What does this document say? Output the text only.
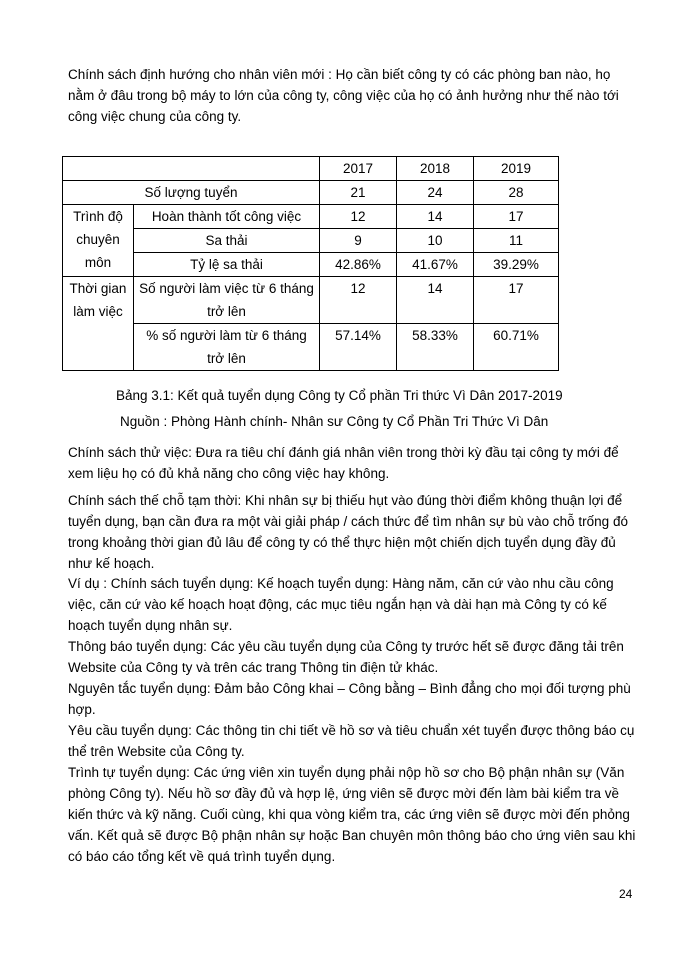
Chính sách định hướng cho nhân viên mới : Họ cần biết công ty có các phòng ban nào, họ nằm ở đâu trong bộ máy to lớn của công ty, công việc của họ có ảnh hưởng như thế nào tới công việc chung của công ty.

		2017	2018	2019
Số lượng tuyển		21	24	28
Trình độ chuyên môn	Hoàn thành tốt công việc	12	14	17
	Sa thải	9	10	11
	Tỷ lệ sa thải	42.86%	41.67%	39.29%
Thời gian làm việc	Số người làm việc từ 6 tháng trở lên	12	14	17
	% số người làm từ 6 tháng trở lên	57.14%	58.33%	60.71%

Bảng 3.1: Kết quả tuyển dụng Công ty Cổ phần Tri thức Vì Dân 2017-2019

Nguồn : Phòng Hành chính- Nhân sư Công ty Cổ Phần Tri Thức Vì Dân

Chính sách thử việc: Đưa ra tiêu chí đánh giá nhân viên trong thời kỳ đầu tại công ty mới để xem liệu họ có đủ khả năng cho công việc hay không.

Chính sách thế chỗ tạm thời: Khi nhân sự bị thiếu hụt vào đúng thời điểm không thuận lợi để tuyển dụng, bạn cần đưa ra một vài giải pháp / cách thức để tìm nhân sự bù vào chỗ trống đó trong khoảng thời gian đủ lâu để công ty có thể thực hiện một chiến dịch tuyển dụng đầy đủ như kế hoạch.

Ví dụ : Chính sách tuyển dụng: Kế hoạch tuyển dụng: Hàng năm, căn cứ vào nhu cầu công việc, căn cứ vào kế hoạch hoạt động, các mục tiêu ngắn hạn và dài hạn mà Công ty có kế hoạch tuyển dụng nhân sự.

Thông báo tuyển dụng: Các yêu cầu tuyển dụng của Công ty trước hết sẽ được đăng tải trên Website của Công ty và trên các trang Thông tin điện tử khác.

Nguyên tắc tuyển dụng: Đảm bảo Công khai – Công bằng – Bình đẳng cho mọi đối tượng phù hợp.

Yêu cầu tuyển dụng: Các thông tin chi tiết về hồ sơ và tiêu chuẩn xét tuyển được thông báo cụ thể trên Website của Công ty.

Trình tự tuyển dụng: Các ứng viên xin tuyển dụng phải nộp hồ sơ cho Bộ phận nhân sự (Văn phòng Công ty). Nếu hồ sơ đầy đủ và hợp lệ, ứng viên sẽ được mời đến làm bài kiểm tra về kiến thức và kỹ năng. Cuối cùng, khi qua vòng kiểm tra, các ứng viên sẽ được mời đến phỏng vấn. Kết quả sẽ được Bộ phận nhân sự hoặc Ban chuyên môn thông báo cho ứng viên sau khi có báo cáo tổng kết về quá trình tuyển dụng.

24
